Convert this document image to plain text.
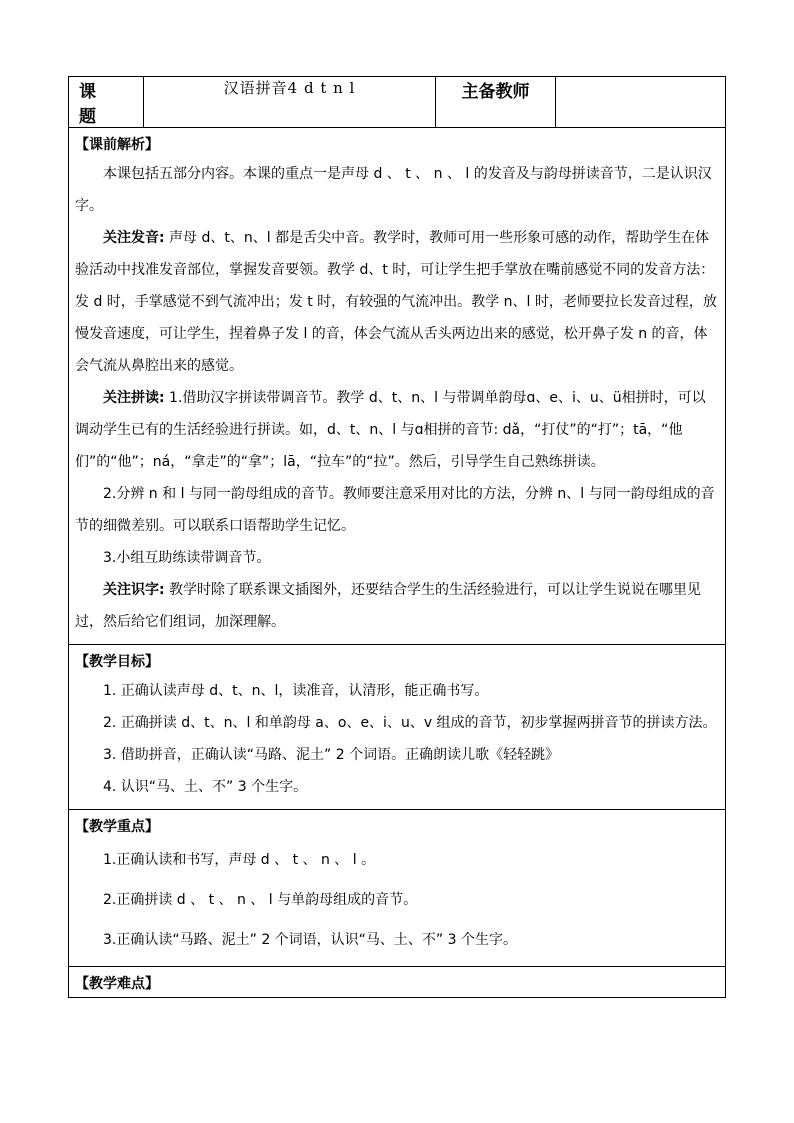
课 题	汉语拼音4 d t n l	主备教师	

【课前解析】

本课包括五部分内容。本课的重点一是声母 d 、 t 、 n 、 l 的发音及与韵母拼读音节，二是认识汉字。

关注发音: 声母 d、t、n、l 都是舌尖中音。教学时，教师可用一些形象可感的动作，帮助学生在体验活动中找准发音部位，掌握发音要领。教学 d、t 时，可让学生把手掌放在嘴前感觉不同的发音方法：发 d 时，手掌感觉不到气流冲出；发 t 时，有较强的气流冲出。教学 n、l 时，老师要拉长发音过程，放慢发音速度，可让学生，捏着鼻子发 l 的音，体会气流从舌头两边出来的感觉，松开鼻子发 n 的音，体会气流从鼻腔出来的感觉。

关注拼读: 1.借助汉字拼读带调音节。教学 d、t、n、l 与带调单韵母ɑ、e、i、u、ü相拼时，可以调动学生已有的生活经验进行拼读。如，d、t、n、l 与ɑ相拼的音节: dǎ，“打仗”的“打”；tā，“他们”的“他”；ná，“拿走”的“拿”；lā，“拉车”的“拉”。然后，引导学生自己熟练拼读。

2.分辨 n 和 l 与同一韵母组成的音节。教师要注意采用对比的方法，分辨 n、l 与同一韵母组成的音节的细微差别。可以联系口语帮助学生记忆。

3.小组互助练读带调音节。

关注识字: 教学时除了联系课文插图外，还要结合学生的生活经验进行，可以让学生说说在哪里见过，然后给它们组词，加深理解。

【教学目标】

1. 正确认读声母 d、t、n、l，读准音，认清形，能正确书写。

2. 正确拼读 d、t、n、l 和单韵母 a、o、e、i、u、v 组成的音节，初步掌握两拼音节的拼读方法。

3. 借助拼音，正确认读“马路、泥土” 2 个词语。正确朗读儿歌《轻轻跳》

4. 认识“马、土、不” 3 个生字。

【教学重点】

1.正确认读和书写，声母 d 、 t 、 n 、 l 。

2.正确拼读 d 、 t 、 n 、 l 与单韵母组成的音节。

3.正确认读“马路、泥土” 2 个词语，认识“马、土、不” 3 个生字。

【教学难点】
